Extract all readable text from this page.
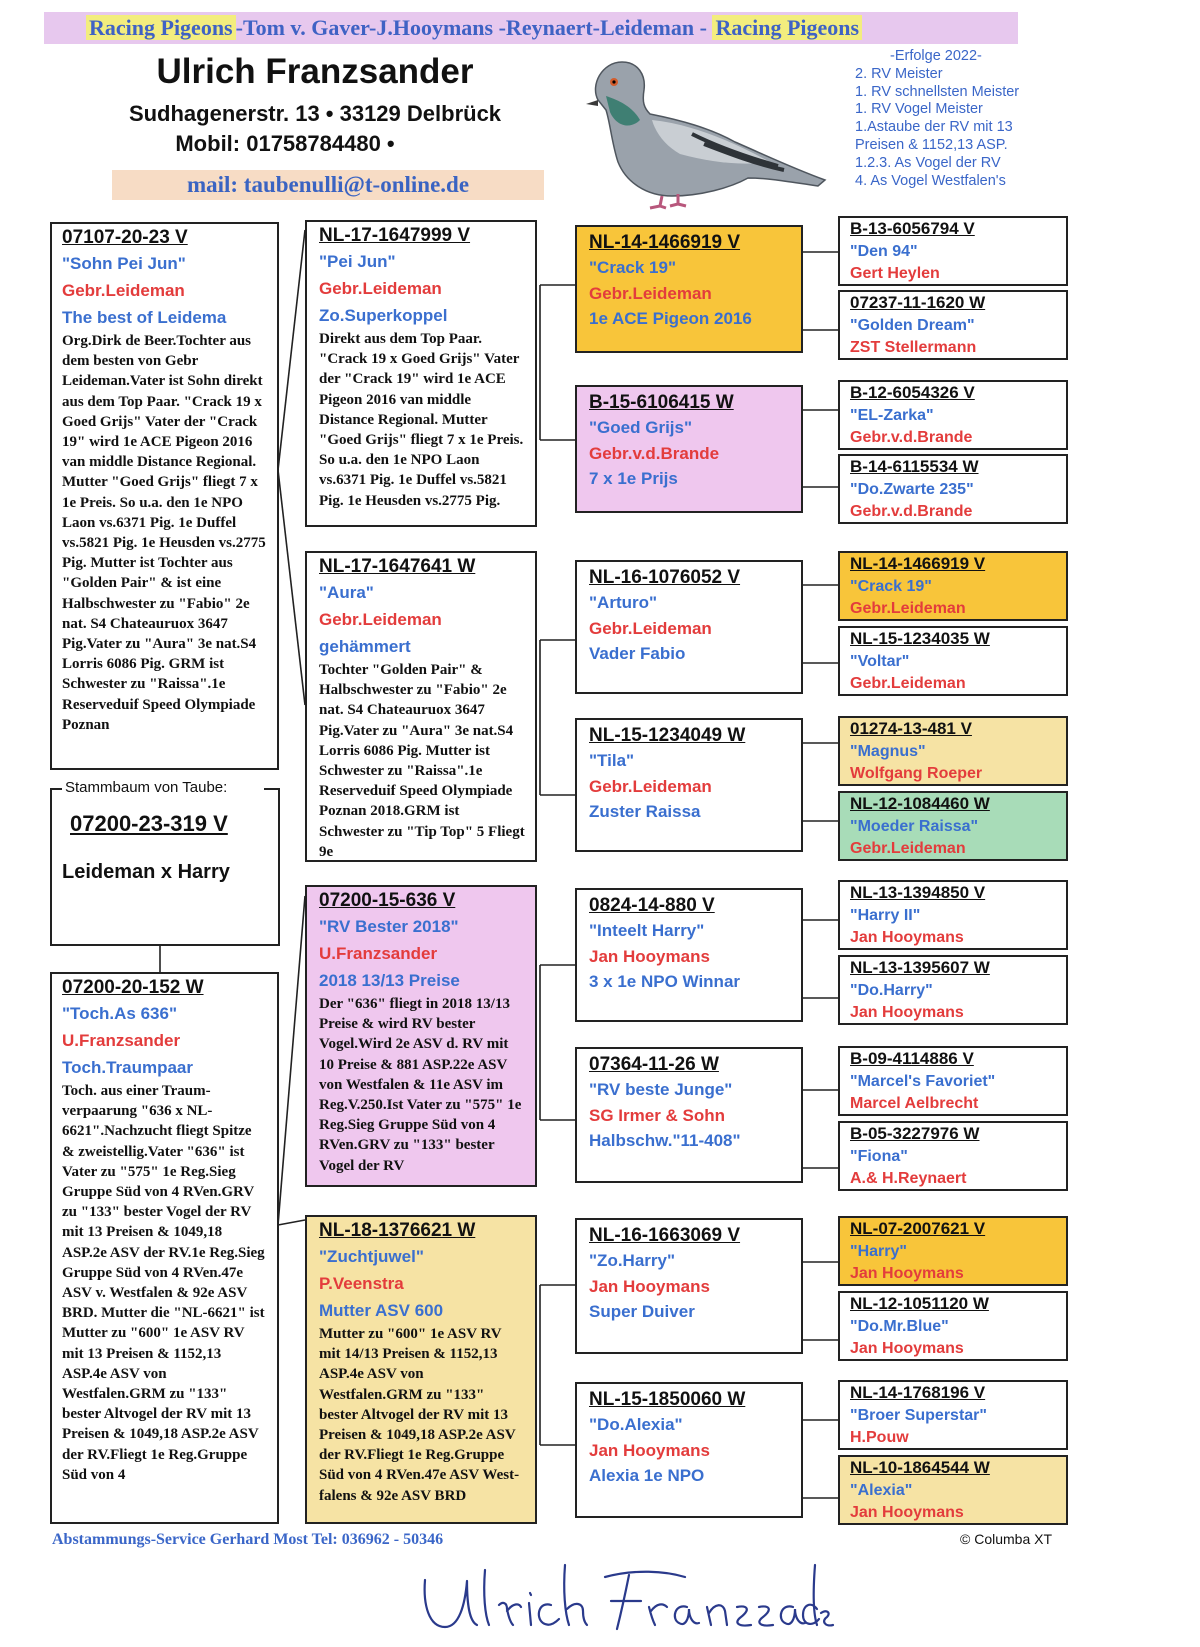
Racing Pigeons -Tom v. Gaver-J.Hooymans -Reynaert-Leideman - Racing Pigeons
Ulrich Franzsander
Sudhagenerstr. 13 • 33129 Delbrück
Mobil: 01758784480 •
mail: taubenulli@t-online.de
-Erfolge 2022-
2. RV Meister
1. RV schnellsten Meister
1. RV Vogel Meister
1.Astaube der RV mit 13
Preisen & 1152,13 ASP.
1.2.3. As Vogel der RV
4. As Vogel Westfalen's
07107-20-23 V
"Sohn Pei Jun"
Gebr.Leideman
The best of Leidema
Org.Dirk de Beer.Tochter aus dem besten von Gebr Leideman.Vater ist Sohn direkt aus dem Top Paar. "Crack 19 x Goed Grijs" Vater der "Crack 19" wird 1e ACE Pigeon 2016 van middle Distance Regional. Mutter "Goed Grijs" fliegt 7 x 1e Preis. So u.a. den 1e NPO Laon vs.6371 Pig. 1e Duffel vs.5821 Pig. 1e Heusden vs.2775 Pig. Mutter ist Tochter aus "Golden Pair" & ist eine Halbschwester zu "Fabio" 2e nat. S4 Chateauruox 3647 Pig.Vater zu "Aura" 3e nat.S4 Lorris 6086 Pig. GRM ist Schwester zu "Raissa".1e Reserveduif Speed Olympiade Poznan
Stammbaum von Taube:
07200-23-319 V
Leideman x Harry
07200-20-152 W
"Toch.As 636"
U.Franzsander
Toch.Traumpaar
Toch. aus einer Traum-verpaarung "636 x NL-6621".Nachzucht fliegt Spitze & zweistellig.Vater "636" ist Vater zu "575" 1e Reg.Sieg Gruppe Süd von 4 RVen.GRV zu "133" bester Vogel der RV mit 13 Preisen & 1049,18 ASP.2e ASV der RV.1e Reg.Sieg Gruppe Süd von 4 RVen.47e ASV v. Westfalen & 92e ASV BRD. Mutter die "NL-6621" ist Mutter zu "600" 1e ASV RV mit 13 Preisen & 1152,13 ASP.4e ASV von Westfalen.GRM zu "133" bester Altvogel der RV mit 13 Preisen & 1049,18 ASP.2e ASV der RV.Fliegt 1e Reg.Gruppe Süd von 4
NL-17-1647999 V
"Pei Jun"
Gebr.Leideman
Zo.Superkoppel
Direkt aus dem Top Paar. "Crack 19 x Goed Grijs" Vater der "Crack 19" wird 1e ACE Pigeon 2016 van middle Distance Regional. Mutter "Goed Grijs" fliegt 7 x 1e Preis. So u.a. den 1e NPO Laon vs.6371 Pig. 1e Duffel vs.5821 Pig. 1e Heusden vs.2775 Pig.
NL-17-1647641 W
"Aura"
Gebr.Leideman
gehämmert
Tochter "Golden Pair" & Halbschwester zu "Fabio" 2e nat. S4 Chateauruox 3647 Pig.Vater zu "Aura" 3e nat.S4 Lorris 6086 Pig. Mutter ist Schwester zu "Raissa".1e Reserveduif Speed Olympiade Poznan 2018.GRM ist Schwester zu "Tip Top" 5 Fliegt 9e
07200-15-636 V
"RV Bester 2018"
U.Franzsander
2018 13/13 Preise
Der "636" fliegt in 2018 13/13 Preise & wird RV bester Vogel.Wird 2e ASV d. RV mit 10 Preise & 881 ASP.22e ASV von Westfalen & 11e ASV im Reg.V.250.Ist Vater zu "575" 1e Reg.Sieg Gruppe Süd von 4 RVen.GRV zu "133" bester Vogel der RV
NL-18-1376621 W
"Zuchtjuwel"
P.Veenstra
Mutter ASV 600
Mutter zu "600" 1e ASV RV mit 14/13 Preisen & 1152,13 ASP.4e ASV von Westfalen.GRM zu "133" bester Altvogel der RV mit 13 Preisen & 1049,18 ASP.2e ASV der RV.Fliegt 1e Reg.Gruppe Süd von 4 RVen.47e ASV West-falens & 92e ASV BRD
NL-14-1466919 V
"Crack 19"
Gebr.Leideman
1e ACE Pigeon 2016
B-15-6106415 W
"Goed Grijs"
Gebr.v.d.Brande
7 x 1e Prijs
NL-16-1076052 V
"Arturo"
Gebr.Leideman
Vader Fabio
NL-15-1234049 W
"Tila"
Gebr.Leideman
Zuster Raissa
0824-14-880 V
"Inteelt Harry"
Jan Hooymans
3 x 1e NPO Winnar
07364-11-26 W
"RV beste Junge"
SG Irmer & Sohn
Halbschw."11-408"
NL-16-1663069 V
"Zo.Harry"
Jan Hooymans
Super Duiver
NL-15-1850060 W
"Do.Alexia"
Jan Hooymans
Alexia 1e NPO
B-13-6056794 V
"Den 94"
Gert Heylen
07237-11-1620 W
"Golden Dream"
ZST Stellermann
B-12-6054326 V
"EL-Zarka"
Gebr.v.d.Brande
B-14-6115534 W
"Do.Zwarte 235"
Gebr.v.d.Brande
NL-14-1466919 V
"Crack 19"
Gebr.Leideman
NL-15-1234035 W
"Voltar"
Gebr.Leideman
01274-13-481 V
"Magnus"
Wolfgang Roeper
NL-12-1084460 W
"Moeder Raissa"
Gebr.Leideman
NL-13-1394850 V
"Harry II"
Jan Hooymans
NL-13-1395607 W
"Do.Harry"
Jan Hooymans
B-09-4114886 V
"Marcel's Favoriet"
Marcel Aelbrecht
B-05-3227976 W
"Fiona"
A.& H.Reynaert
NL-07-2007621 V
"Harry"
Jan Hooymans
NL-12-1051120 W
"Do.Mr.Blue"
Jan Hooymans
NL-14-1768196 V
"Broer Superstar"
H.Pouw
NL-10-1864544 W
"Alexia"
Jan Hooymans
Abstammungs-Service Gerhard Most Tel: 036962 - 50346	© Columba XT
